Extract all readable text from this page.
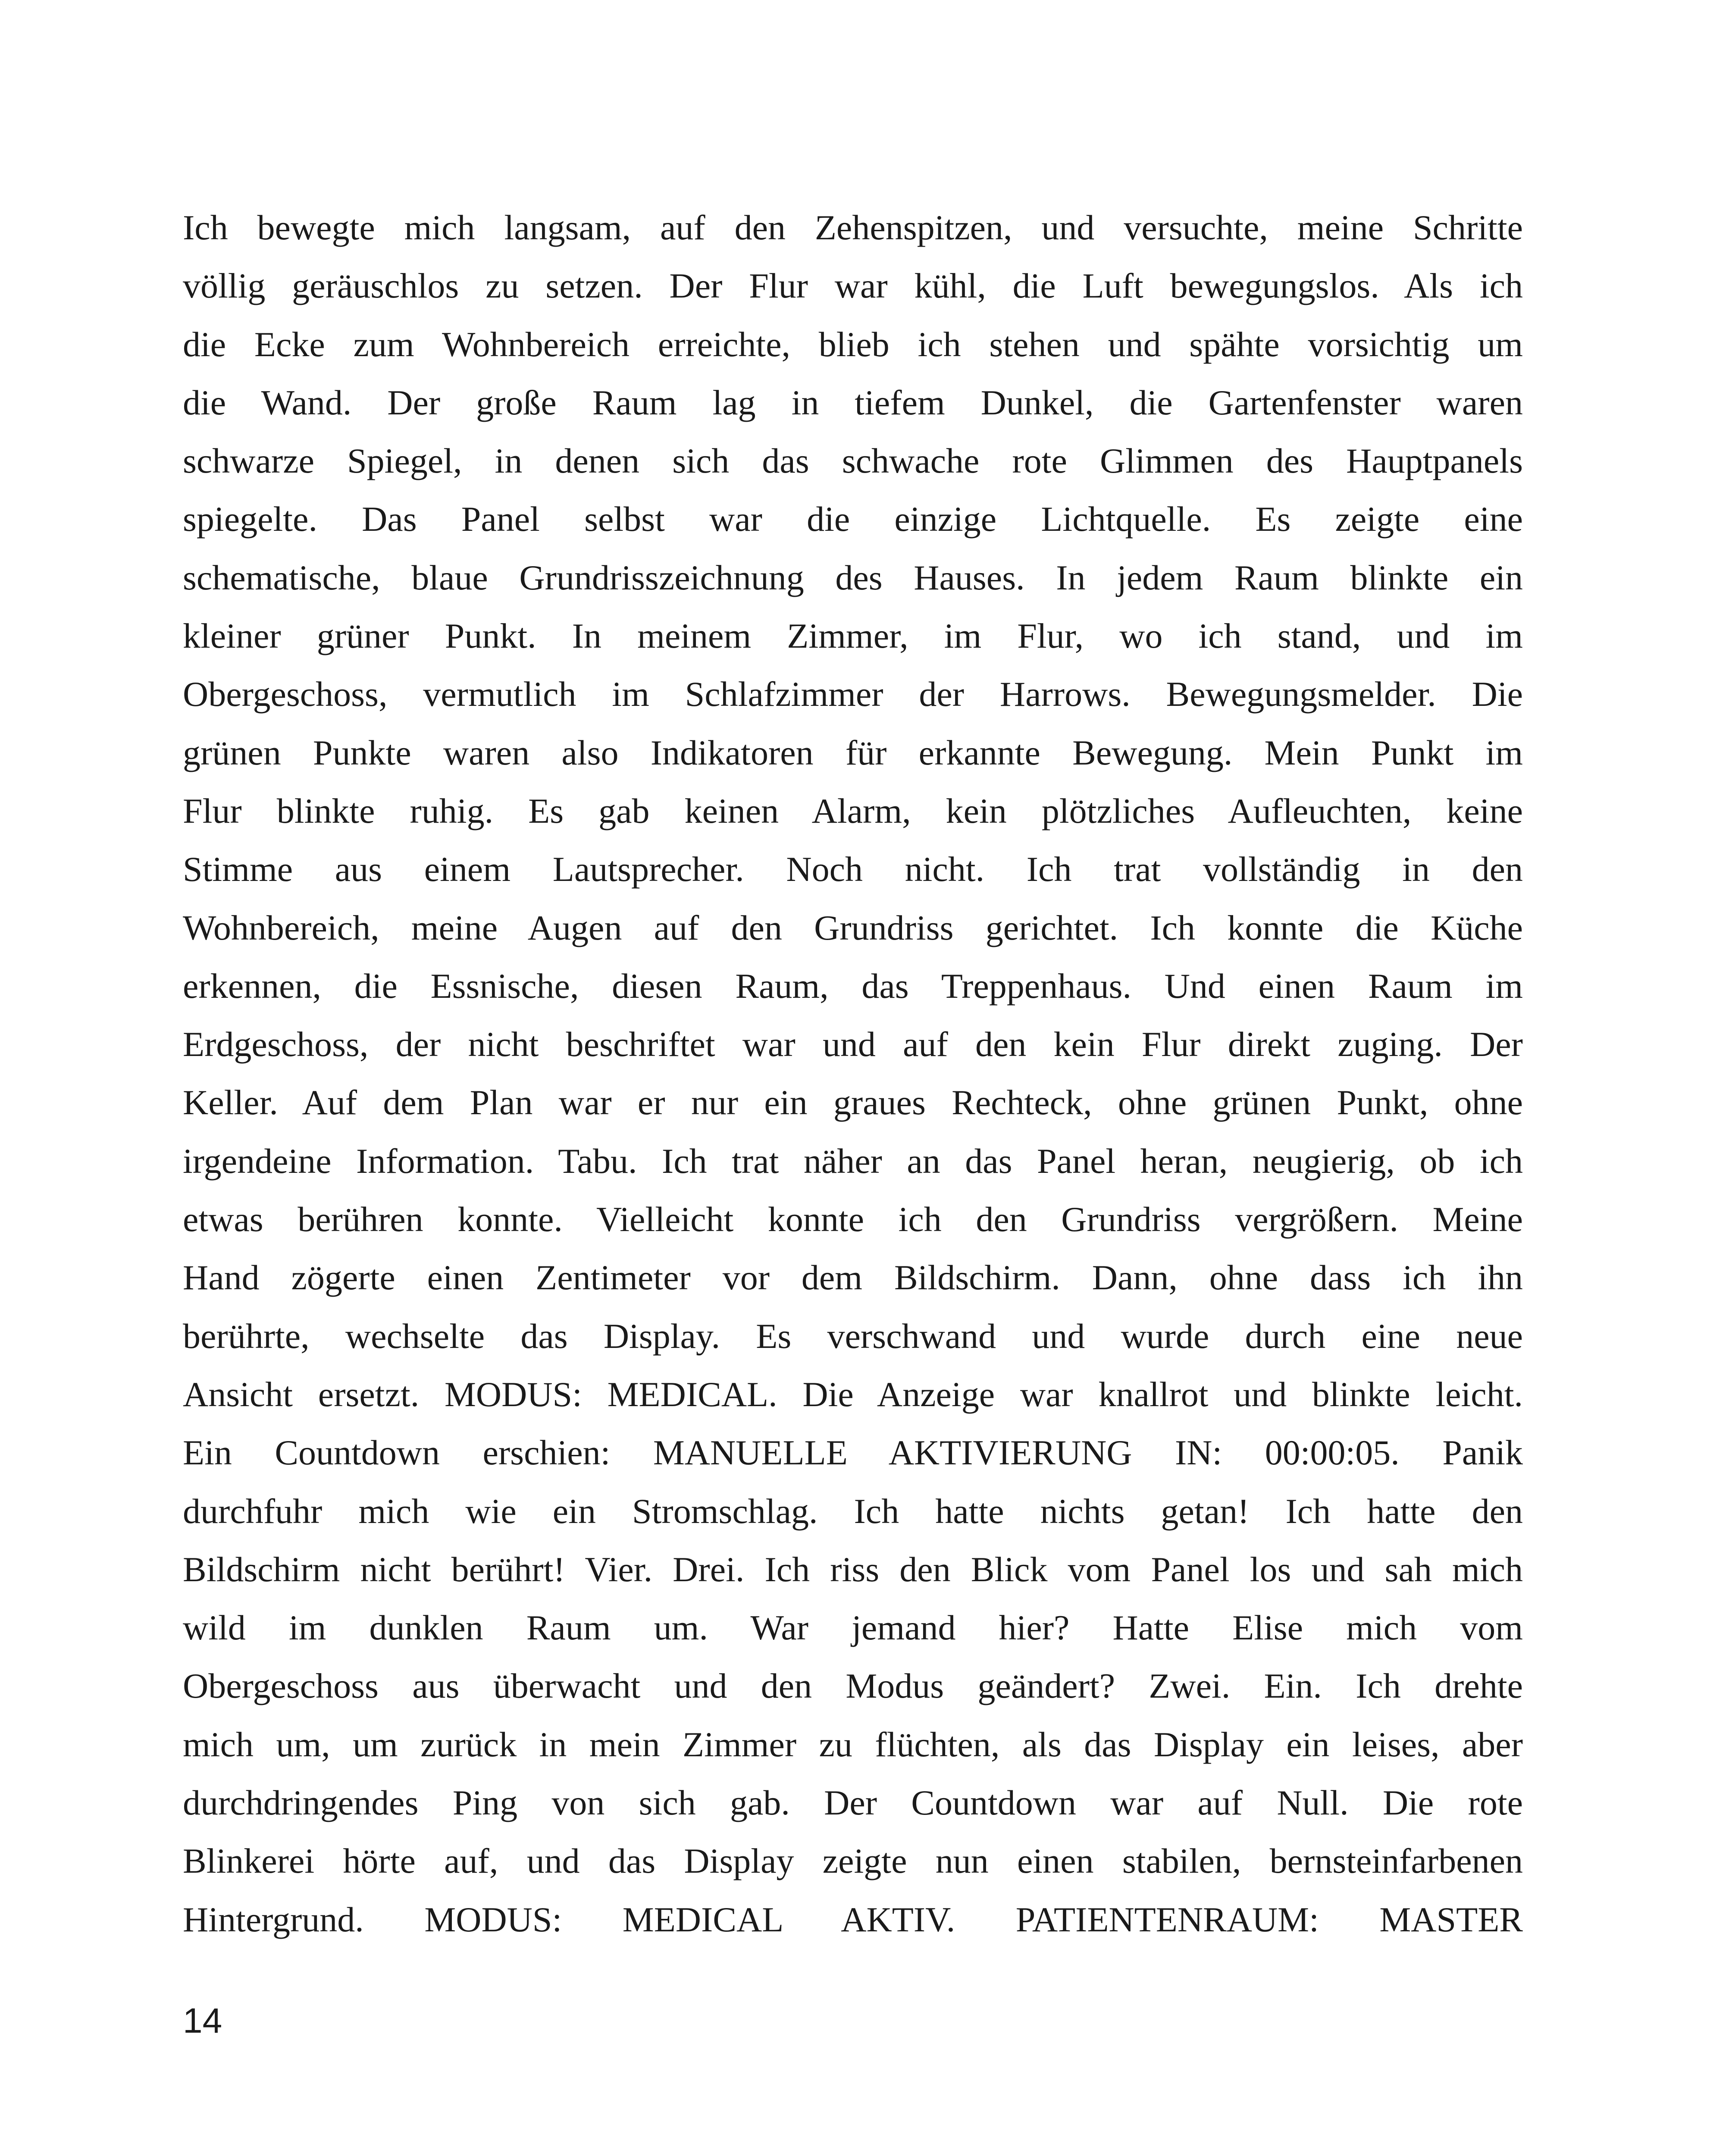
Ich bewegte mich langsam, auf den Zehenspitzen, und versuchte, meine Schritte
völlig geräuschlos zu setzen. Der Flur war kühl, die Luft bewegungslos. Als ich
die Ecke zum Wohnbereich erreichte, blieb ich stehen und spähte vorsichtig um
die Wand. Der große Raum lag in tiefem Dunkel, die Gartenfenster waren
schwarze Spiegel, in denen sich das schwache rote Glimmen des Hauptpanels
spiegelte. Das Panel selbst war die einzige Lichtquelle. Es zeigte eine
schematische, blaue Grundrisszeichnung des Hauses. In jedem Raum blinkte ein
kleiner grüner Punkt. In meinem Zimmer, im Flur, wo ich stand, und im
Obergeschoss, vermutlich im Schlafzimmer der Harrows. Bewegungsmelder. Die
grünen Punkte waren also Indikatoren für erkannte Bewegung. Mein Punkt im
Flur blinkte ruhig. Es gab keinen Alarm, kein plötzliches Aufleuchten, keine
Stimme aus einem Lautsprecher. Noch nicht. Ich trat vollständig in den
Wohnbereich, meine Augen auf den Grundriss gerichtet. Ich konnte die Küche
erkennen, die Essnische, diesen Raum, das Treppenhaus. Und einen Raum im
Erdgeschoss, der nicht beschriftet war und auf den kein Flur direkt zuging. Der
Keller. Auf dem Plan war er nur ein graues Rechteck, ohne grünen Punkt, ohne
irgendeine Information. Tabu. Ich trat näher an das Panel heran, neugierig, ob ich
etwas berühren konnte. Vielleicht konnte ich den Grundriss vergrößern. Meine
Hand zögerte einen Zentimeter vor dem Bildschirm. Dann, ohne dass ich ihn
berührte, wechselte das Display. Es verschwand und wurde durch eine neue
Ansicht ersetzt. MODUS: MEDICAL. Die Anzeige war knallrot und blinkte leicht.
Ein Countdown erschien: MANUELLE AKTIVIERUNG IN: 00:00:05. Panik
durchfuhr mich wie ein Stromschlag. Ich hatte nichts getan! Ich hatte den
Bildschirm nicht berührt! Vier. Drei. Ich riss den Blick vom Panel los und sah mich
wild im dunklen Raum um. War jemand hier? Hatte Elise mich vom
Obergeschoss aus überwacht und den Modus geändert? Zwei. Ein. Ich drehte
mich um, um zurück in mein Zimmer zu flüchten, als das Display ein leises, aber
durchdringendes Ping von sich gab. Der Countdown war auf Null. Die rote
Blinkerei hörte auf, und das Display zeigte nun einen stabilen, bernsteinfarbenen
Hintergrund. MODUS: MEDICAL AKTIV. PATIENTENRAUM: MASTER
14
